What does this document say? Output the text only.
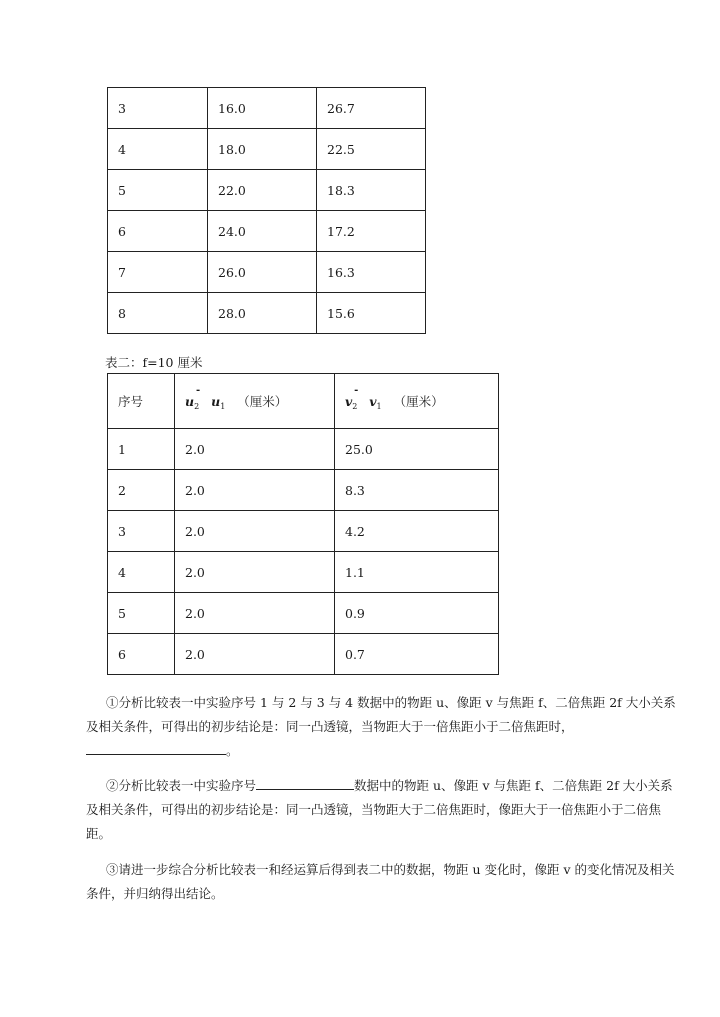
3	16.0	26.7
4	18.0	22.5
5	22.0	18.3
6	24.0	17.2
7	26.0	16.3
8	28.0	15.6
表二：f=10 厘米
序号	- $u_2$ $u_1$ （厘米）	- $v_2$ $v_1$ （厘米）
1	2.0	25.0
2	2.0	8.3
3	2.0	4.2
4	2.0	1.1
5	2.0	0.9
6	2.0	0.7
①分析比较表一中实验序号 1 与 2 与 3 与 4 数据中的物距 u、像距 v 与焦距 f、二倍焦距 2f 大小关系及相关条件，可得出的初步结论是：同一凸透镜，当物距大于一倍焦距小于二倍焦距时，。
②分析比较表一中实验序号	数据中的物距 u、像距 v 与焦距 f、二倍焦距 2f 大小关系及相关条件，可得出的初步结论是：同一凸透镜，当物距大于二倍焦距时，像距大于一倍焦距小于二倍焦距。
③请进一步综合分析比较表一和经运算后得到表二中的数据，物距 u 变化时，像距 v 的变化情况及相关条件，并归纳得出结论。
